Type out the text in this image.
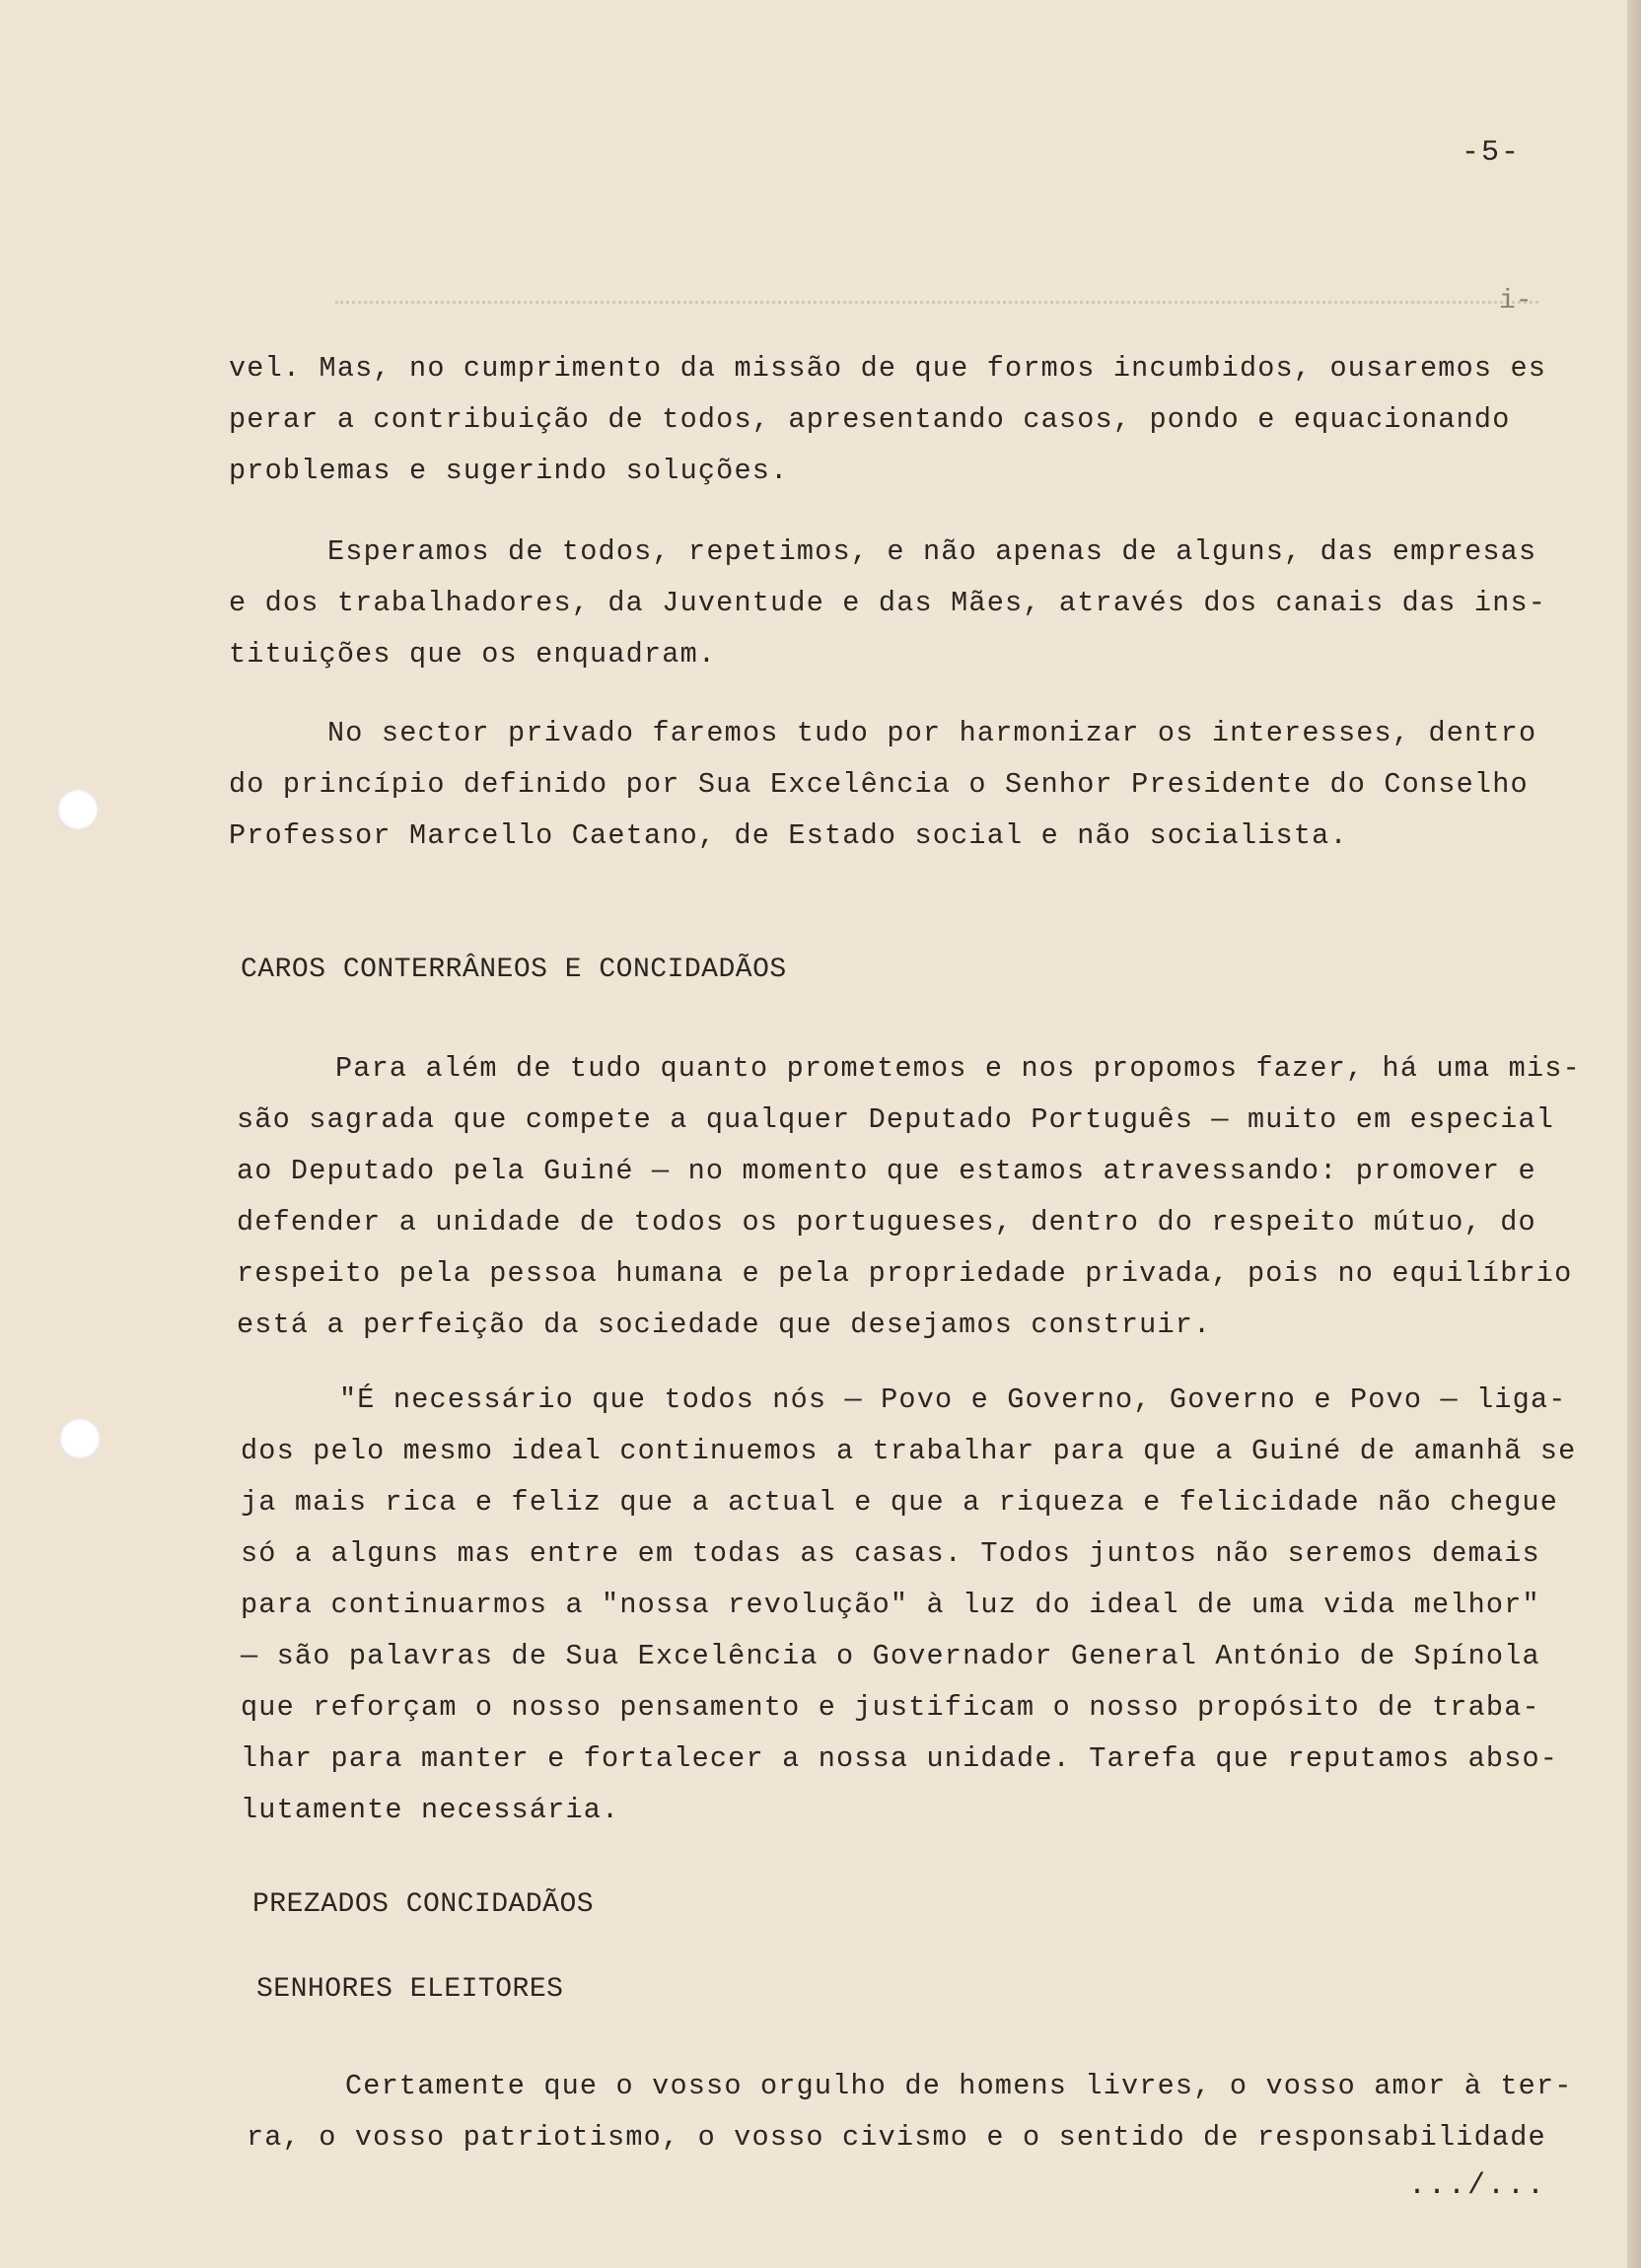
-5-
i-
vel. Mas, no cumprimento da missão de que formos incumbidos, ousaremos es
perar a contribuição de todos, apresentando casos, pondo e equacionando
problemas e sugerindo soluções.
Esperamos de todos, repetimos, e não apenas de alguns, das empresas
e dos trabalhadores, da Juventude e das Mães, através dos canais das ins-
tituições que os enquadram.
No sector privado faremos tudo por harmonizar os interesses, dentro
do princípio definido por Sua Excelência o Senhor Presidente do Conselho
Professor Marcello Caetano, de Estado social e não socialista.
CAROS CONTERRÂNEOS E CONCIDADÃOS
Para além de tudo quanto prometemos e nos propomos fazer, há uma mis-
são sagrada que compete a qualquer Deputado Português — muito em especial
ao Deputado pela Guiné — no momento que estamos atravessando: promover e
defender a unidade de todos os portugueses, dentro do respeito mútuo, do
respeito pela pessoa humana e pela propriedade privada, pois no equilíbrio
está a perfeição da sociedade que desejamos construir.
"É necessário que todos nós — Povo e Governo, Governo e Povo — liga-
dos pelo mesmo ideal continuemos a trabalhar para que a Guiné de amanhã se
ja mais rica e feliz que a actual e que a riqueza e felicidade não chegue
só a alguns mas entre em todas as casas. Todos juntos não seremos demais
para continuarmos a "nossa revolução" à luz do ideal de uma vida melhor"
— são palavras de Sua Excelência o Governador General António de Spínola
que reforçam o nosso pensamento e justificam o nosso propósito de traba-
lhar para manter e fortalecer a nossa unidade. Tarefa que reputamos abso-
lutamente necessária.
PREZADOS CONCIDADÃOS
SENHORES ELEITORES
Certamente que o vosso orgulho de homens livres, o vosso amor à ter-
ra, o vosso patriotismo, o vosso civismo e o sentido de responsabilidade
.../...
